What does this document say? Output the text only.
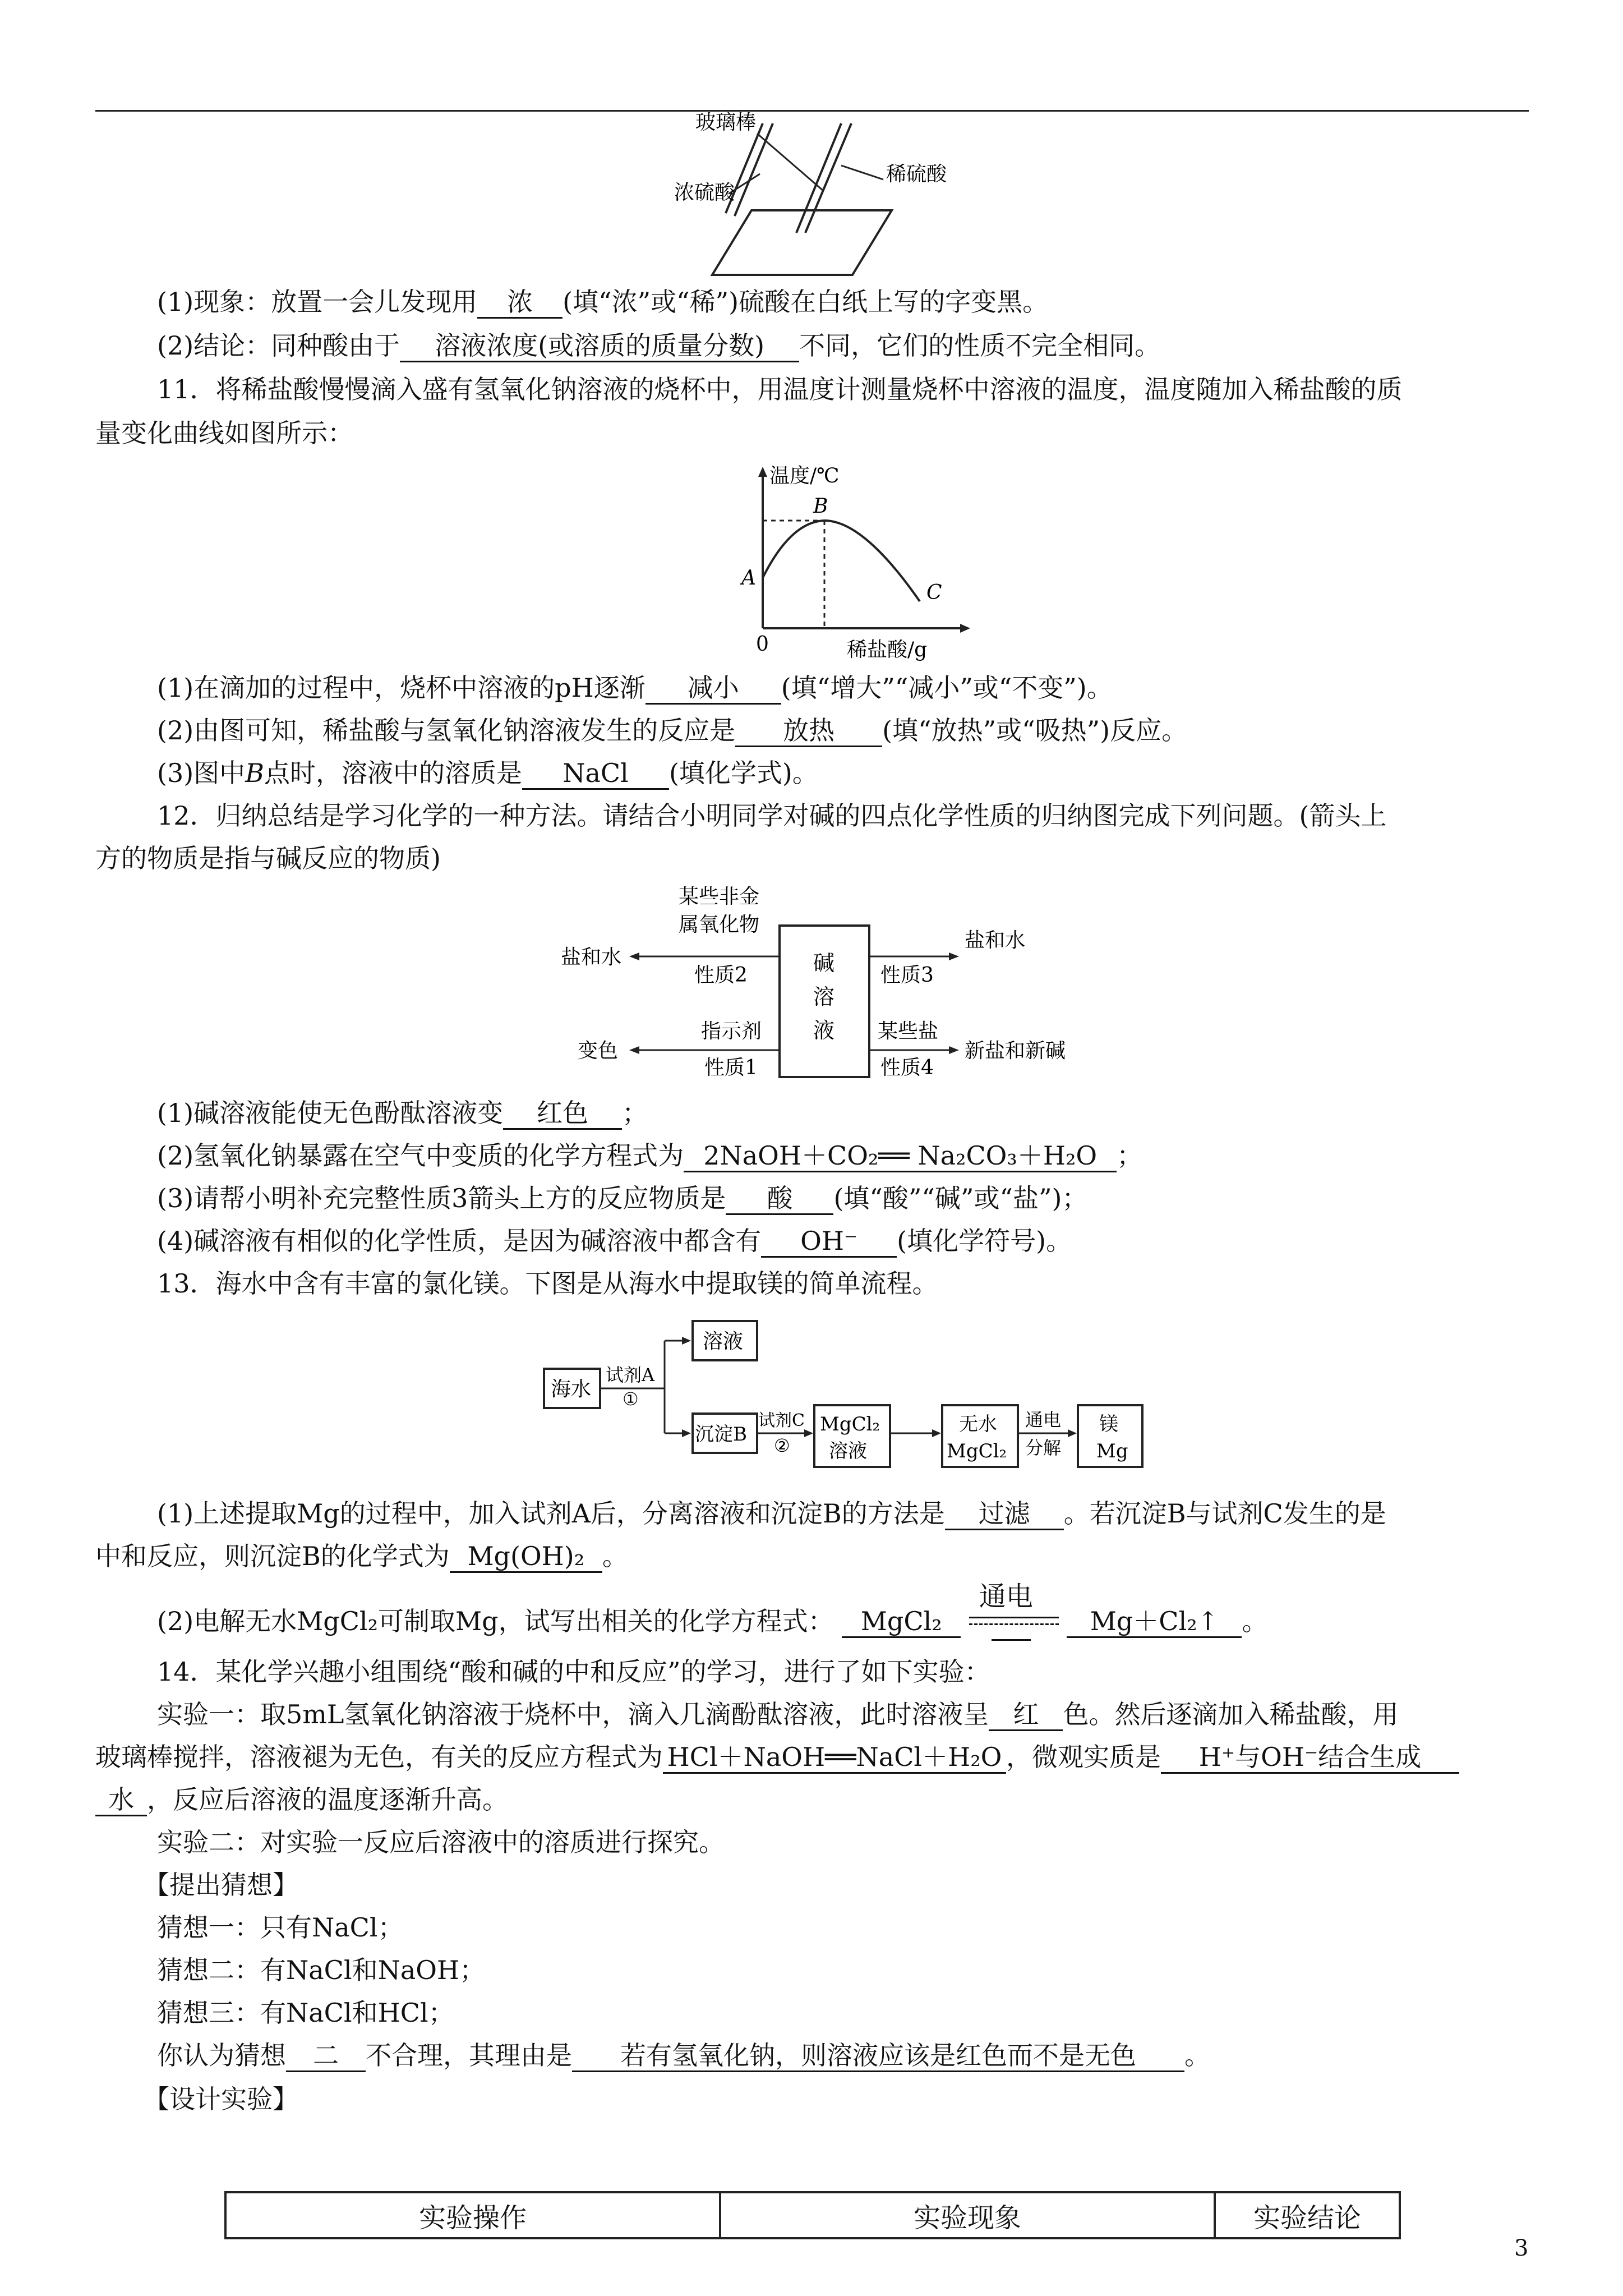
玻璃棒
浓硫酸
稀硫酸
(1)现象：放置一会儿发现用 浓 (填“浓”或“稀”)硫酸在白纸上写的字变黑。
(2)结论：同种酸由于 溶液浓度(或溶质的质量分数) 不同，它们的性质不完全相同。
11．将稀盐酸慢慢滴入盛有氢氧化钠溶液的烧杯中，用温度计测量烧杯中溶液的温度，温度随加入稀盐酸的质
量变化曲线如图所示：
温度/℃
A
B
C
0	稀盐酸/g
(1)在滴加的过程中，烧杯中溶液的pH逐渐 减小 (填“增大”“减小”或“不变”)。
(2)由图可知，稀盐酸与氢氧化钠溶液发生的反应是 放热 (填“放热”或“吸热”)反应。
(3)图中B点时，溶液中的溶质是 NaCl (填化学式)。
12．归纳总结是学习化学的一种方法。请结合小明同学对碱的四点化学性质的归纳图完成下列问题。(箭头上
方的物质是指与碱反应的物质)
碱
溶
液
某些非金
属氧化物
性质2
盐和水
指示剂
性质1
变色
性质3
盐和水
某些盐
性质4
新盐和新碱
(1)碱溶液能使无色酚酞溶液变 红色 ；
(2)氢氧化钠暴露在空气中变质的化学方程式为 2NaOH＋CO₂══ Na₂CO₃＋H₂O ；
(3)请帮小明补充完整性质3箭头上方的反应物质是 酸 (填“酸”“碱”或“盐”)；
(4)碱溶液有相似的化学性质，是因为碱溶液中都含有 OH⁻ (填化学符号)。
13．海水中含有丰富的氯化镁。下图是从海水中提取镁的简单流程。
海水
试剂A
①
溶液
沉淀B
试剂C
②
MgCl₂
溶液
无水
MgCl₂
通电
分解
镁
Mg
(1)上述提取Mg的过程中，加入试剂A后，分离溶液和沉淀B的方法是 过滤 。若沉淀B与试剂C发生的是
中和反应，则沉淀B的化学式为 Mg(OH)₂ 。
(2)电解无水MgCl₂可制取Mg，试写出相关的化学方程式： MgCl₂
通电
Mg＋Cl₂↑ 。
14．某化学兴趣小组围绕“酸和碱的中和反应”的学习，进行了如下实验：
实验一：取5mL氢氧化钠溶液于烧杯中，滴入几滴酚酞溶液，此时溶液呈 红 色。然后逐滴加入稀盐酸，用
玻璃棒搅拌，溶液褪为无色，有关的反应方程式为 HCl＋NaOH══NaCl＋H₂O ，微观实质是 H⁺与OH⁻结合生成
水 ，反应后溶液的温度逐渐升高。
实验二：对实验一反应后溶液中的溶质进行探究。
【提出猜想】
猜想一：只有NaCl；
猜想二：有NaCl和NaOH；
猜想三：有NaCl和HCl；
你认为猜想 二 不合理，其理由是 若有氢氧化钠，则溶液应该是红色而不是无色 。
【设计实验】
实验操作	实验现象	实验结论
3
